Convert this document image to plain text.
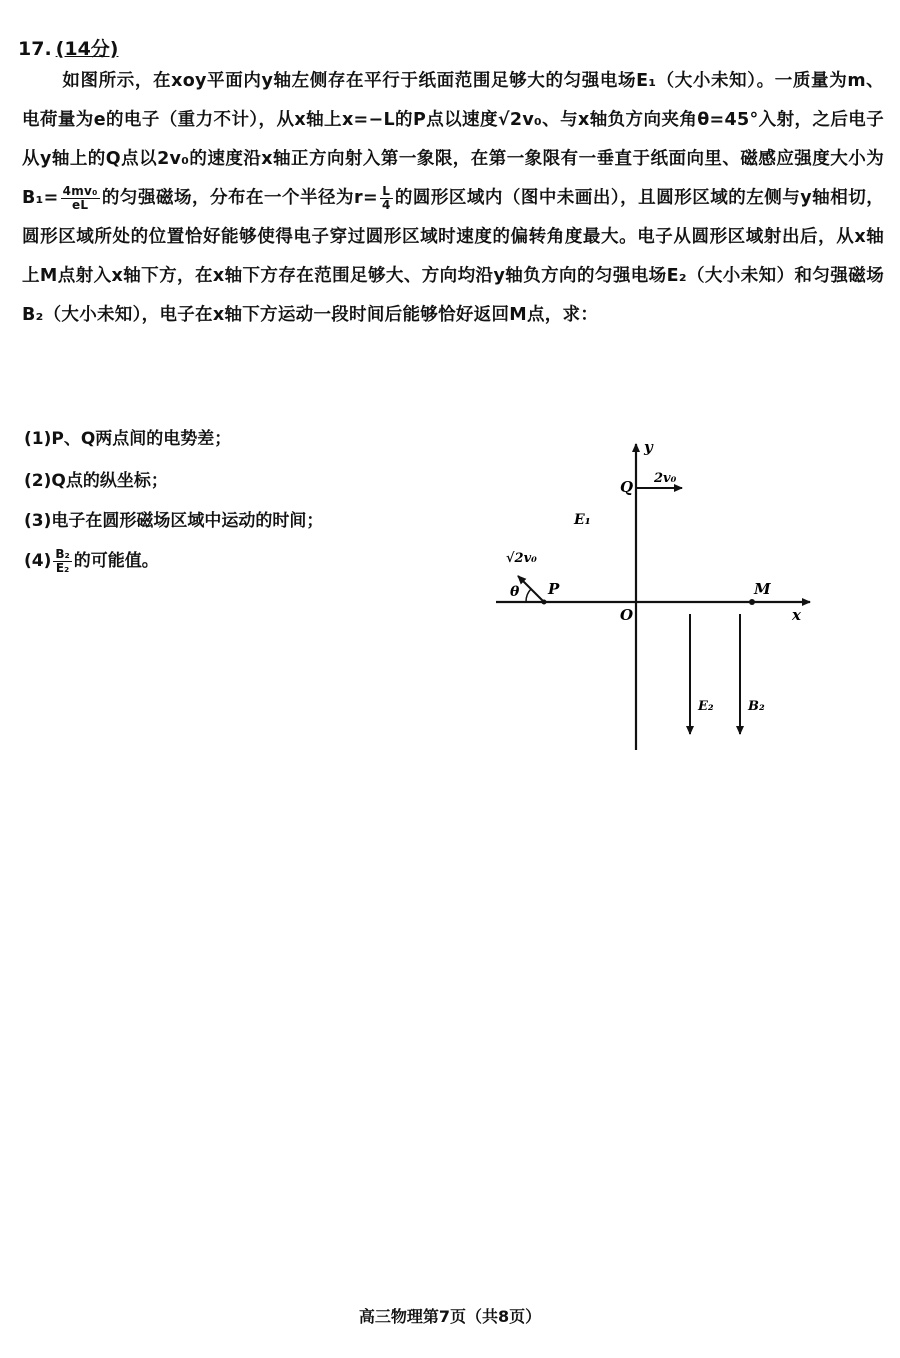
17. (14分)
如图所示，在xoy平面内y轴左侧存在平行于纸面范围足够大的匀强电场E₁（大小未知）。一质量为m、电荷量为e的电子（重力不计），从x轴上x=−L的P点以速度√2v₀、与x轴负方向夹角θ=45°入射，之后电子从y轴上的Q点以2v₀的速度沿x轴正方向射入第一象限，在第一象限有一垂直于纸面向里、磁感应强度大小为$B_1= \frac{\text{4mv₀}}{eL}$ 的匀强磁场，分布在一个半径为$r= \frac{L}{4}$ 的圆形区域内（图中未画出），且圆形区域的左侧与y轴相切，圆形区域所处的位置恰好能够使得电子穿过圆形区域时速度的偏转角度最大。电子从圆形区域射出后，从x轴上M点射入x轴下方，在x轴下方存在范围足够大、方向均沿y轴负方向的匀强电场E₂（大小未知）和匀强磁场B₂（大小未知），电子在x轴下方运动一段时间后能够恰好返回M点，求：
(1)P、Q两点间的电势差；
(2)Q点的纵坐标；
(3)电子在圆形磁场区域中运动的时间；
$(4) \frac{\text{B₂}}{\text{E₂}}$ 的可能值。
y
x
O
Q 2v₀
E₁
√2v₀
θ P	M
E₂	B₂
高三物理第7页（共8页）
